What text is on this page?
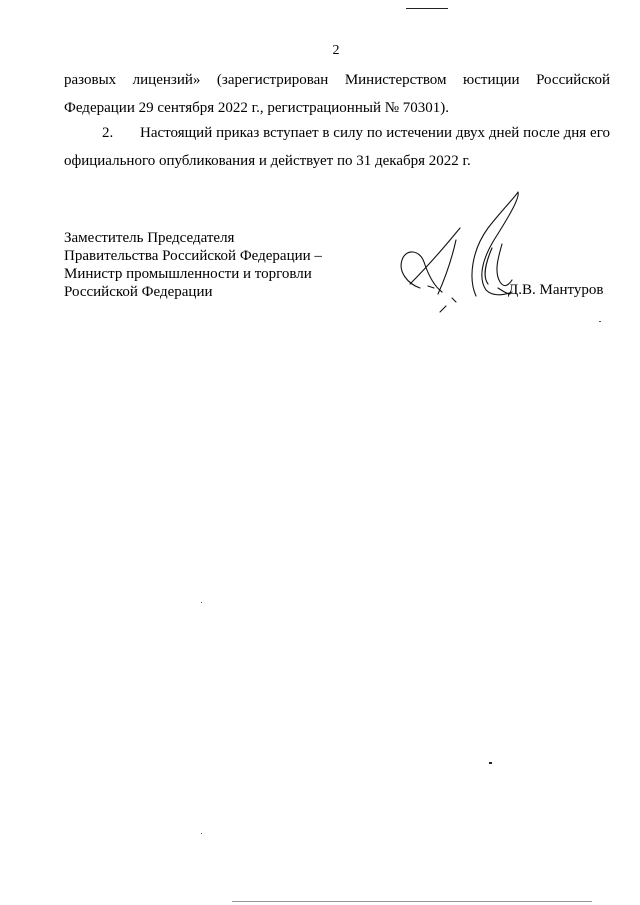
2
разовых лицензий» (зарегистрирован Министерством юстиции Российской
Федерации 29 сентября 2022 г., регистрационный № 70301).
2. Настоящий приказ вступает в силу по истечении двух дней после дня его
официального опубликования и действует по 31 декабря 2022 г.
Заместитель Председателя
Правительства Российской Федерации –
Министр промышленности и торговли
Российской Федерации	Д.В. Мантуров
